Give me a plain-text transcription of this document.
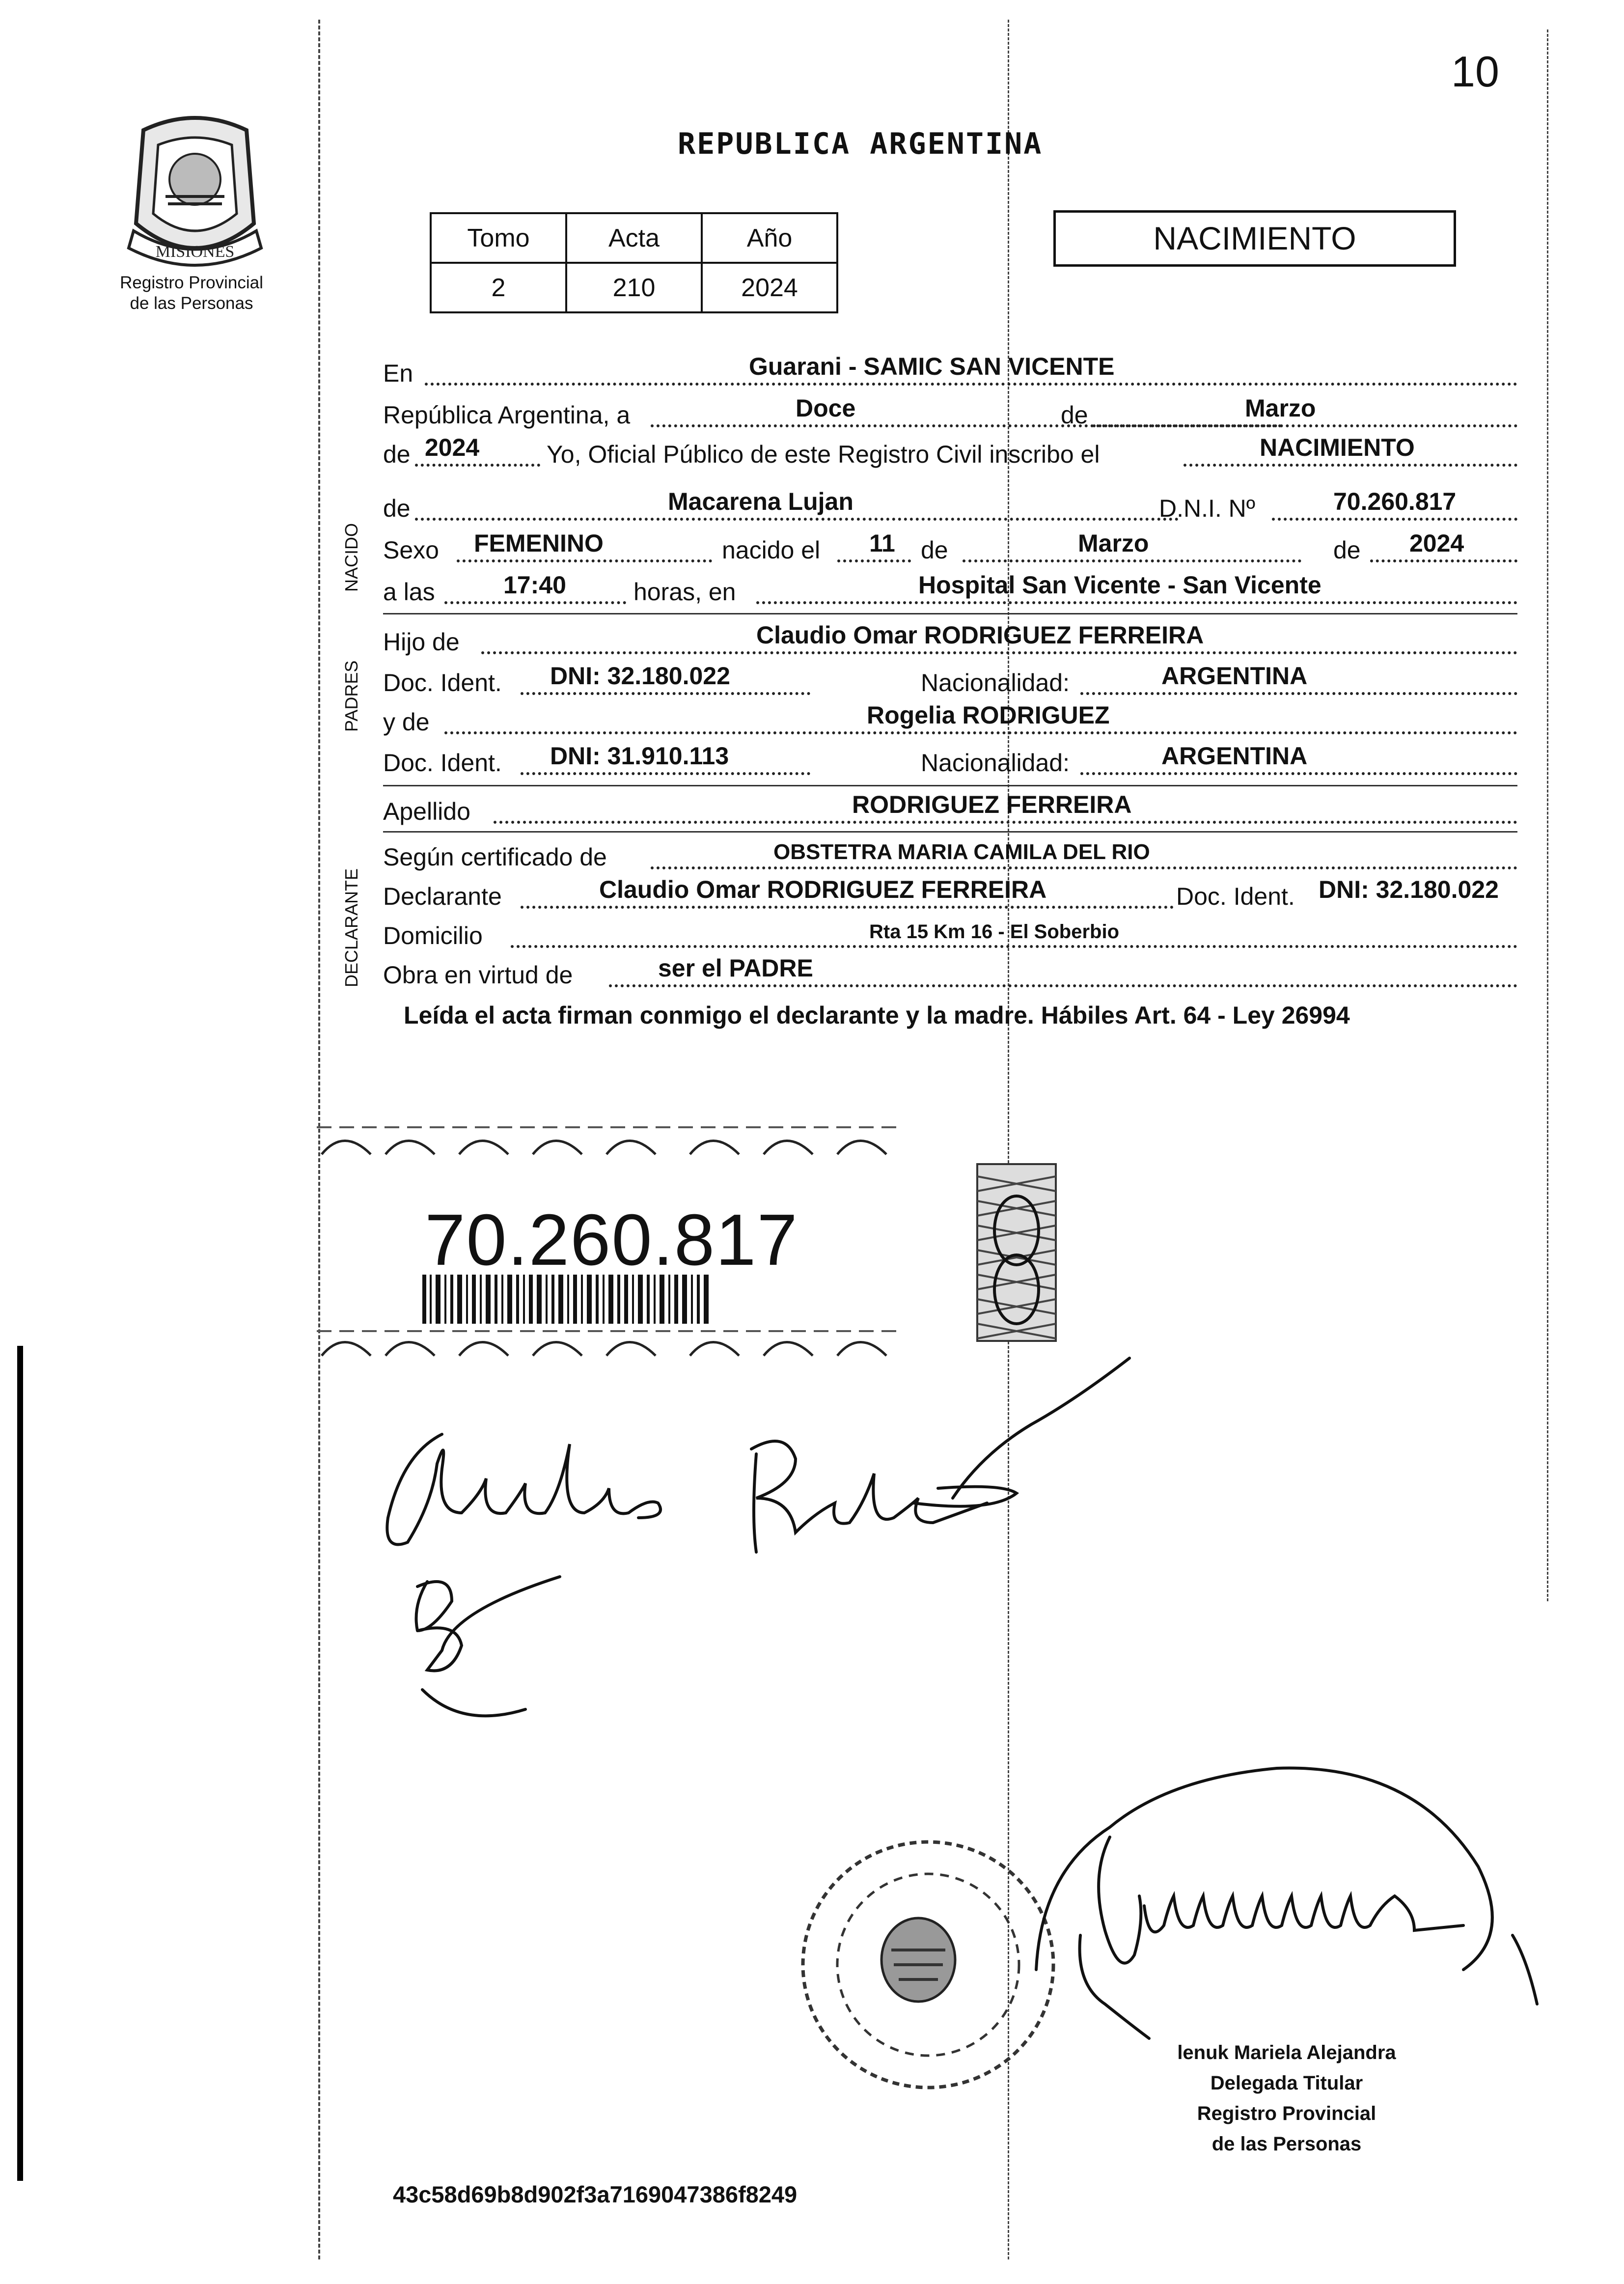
10
MISIONES
Registro Provincial
de las Personas
REPUBLICA ARGENTINA
Tomo	Acta	Año
2	210	2024
NACIMIENTO
NACIDO
PADRES
DECLARANTE
En	Guarani - SAMIC SAN VICENTE
República Argentina, a	Doce	de	Marzo
de 2024	Yo, Oficial Público de este Registro Civil inscribo el	NACIMIENTO
de	Macarena Lujan	D.N.I. Nº	70.260.817
Sexo FEMENINO	nacido el 11 de	Marzo	de 2024
a las	17:40	horas, en	Hospital San Vicente - San Vicente
Hijo de	Claudio Omar RODRIGUEZ FERREIRA
Doc. Ident. DNI: 32.180.022	Nacionalidad:	ARGENTINA
y de	Rogelia RODRIGUEZ
Doc. Ident. DNI: 31.910.113	Nacionalidad:	ARGENTINA
Apellido	RODRIGUEZ FERREIRA
Según certificado de	OBSTETRA MARIA CAMILA DEL RIO
Declarante	Claudio Omar RODRIGUEZ FERREIRA	Doc. Ident. DNI: 32.180.022
Domicilio	Rta 15 Km 16 - El Soberbio
Obra en virtud de	ser el PADRE
Leída el acta firman conmigo el declarante y la madre. Hábiles Art. 64 - Ley 26994
70.260.817
lenuk Mariela Alejandra
Delegada Titular
Registro Provincial
de las Personas
43c58d69b8d902f3a7169047386f8249
